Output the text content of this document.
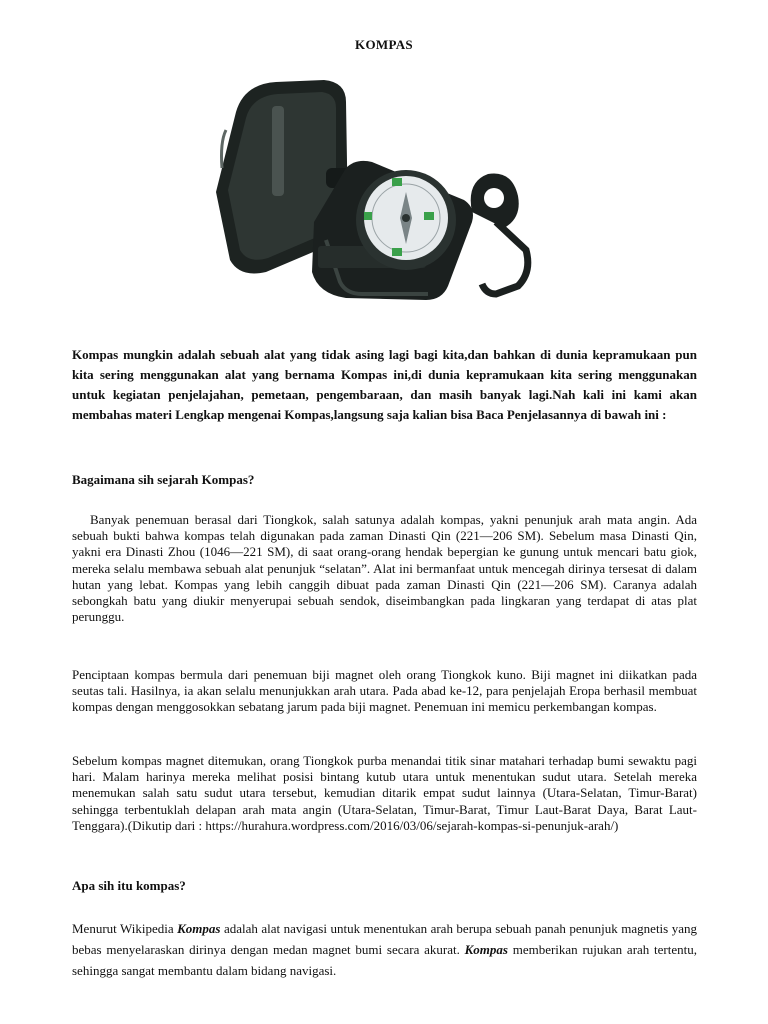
KOMPAS

Kompas mungkin adalah sebuah alat yang tidak asing lagi bagi kita,dan bahkan di dunia kepramukaan pun kita sering menggunakan alat yang bernama Kompas ini,di dunia kepramukaan kita sering menggunakan untuk kegiatan penjelajahan, pemetaan, pengembaraan, dan masih banyak lagi.Nah kali ini kami akan membahas materi Lengkap mengenai Kompas,langsung saja kalian bisa Baca Penjelasannya di bawah ini :

Bagaimana sih sejarah Kompas?

Banyak penemuan berasal dari Tiongkok, salah satunya adalah kompas, yakni penunjuk arah mata angin. Ada sebuah bukti bahwa kompas telah digunakan pada zaman Dinasti Qin (221—206 SM). Sebelum masa Dinasti Qin, yakni era Dinasti Zhou (1046—221 SM), di saat orang-orang hendak bepergian ke gunung untuk mencari batu giok, mereka selalu membawa sebuah alat penunjuk “selatan”. Alat ini bermanfaat untuk mencegah dirinya tersesat di dalam hutan yang lebat. Kompas yang lebih canggih dibuat pada zaman Dinasti Qin (221—206 SM). Caranya adalah sebongkah batu yang diukir menyerupai sebuah sendok, diseimbangkan pada lingkaran yang terdapat di atas plat perunggu.

Penciptaan kompas bermula dari penemuan biji magnet oleh orang Tiongkok kuno. Biji magnet ini diikatkan pada seutas tali. Hasilnya, ia akan selalu menunjukkan arah utara. Pada abad ke-12, para penjelajah Eropa berhasil membuat kompas dengan menggosokkan sebatang jarum pada biji magnet. Penemuan ini memicu perkembangan kompas.

Sebelum kompas magnet ditemukan, orang Tiongkok purba menandai titik sinar matahari terhadap bumi sewaktu pagi hari. Malam harinya mereka melihat posisi bintang kutub utara untuk menentukan sudut utara. Setelah mereka menemukan salah satu sudut utara tersebut, kemudian ditarik empat sudut lainnya (Utara-Selatan, Timur-Barat) sehingga terbentuklah delapan arah mata angin (Utara-Selatan, Timur-Barat, Timur Laut-Barat Daya, Barat Laut-Tenggara).(Dikutip dari : https://hurahura.wordpress.com/2016/03/06/sejarah-kompas-si-penunjuk-arah/)

Apa sih itu kompas?

Menurut Wikipedia Kompas adalah alat navigasi untuk menentukan arah berupa sebuah panah penunjuk magnetis yang bebas menyelaraskan dirinya dengan medan magnet bumi secara akurat. Kompas memberikan rujukan arah tertentu, sehingga sangat membantu dalam bidang navigasi.
